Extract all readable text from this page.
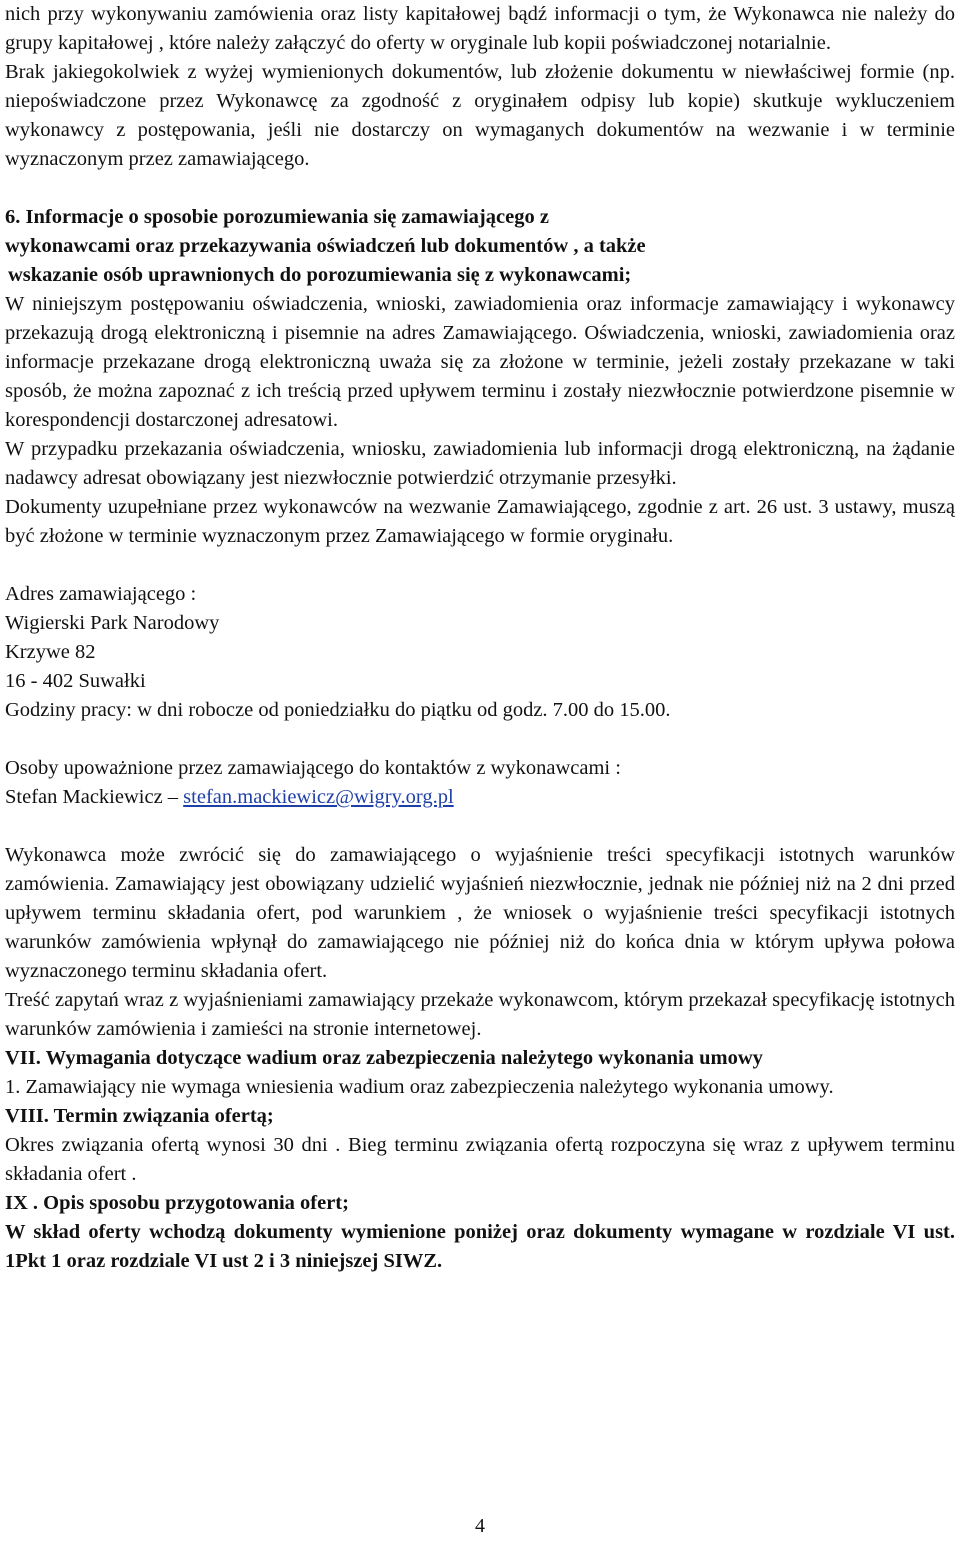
nich przy wykonywaniu zamówienia oraz listy kapitałowej bądź informacji o tym, że Wykonawca nie należy do grupy kapitałowej , które należy załączyć do oferty w oryginale lub kopii poświadczonej notarialnie.

Brak jakiegokolwiek z wyżej wymienionych dokumentów, lub złożenie dokumentu w niewłaściwej formie (np. niepoświadczone przez Wykonawcę za zgodność z oryginałem odpisy lub kopie) skutkuje wykluczeniem wykonawcy z postępowania, jeśli nie dostarczy on wymaganych dokumentów na wezwanie i w terminie wyznaczonym przez zamawiającego.

6. Informacje o sposobie porozumiewania się zamawiającego z

wykonawcami oraz przekazywania oświadczeń lub dokumentów , a także

wskazanie osób uprawnionych do porozumiewania się z wykonawcami;

W niniejszym postępowaniu oświadczenia, wnioski, zawiadomienia oraz informacje zamawiający i wykonawcy przekazują drogą elektroniczną i pisemnie na adres Zamawiającego. Oświadczenia, wnioski, zawiadomienia oraz informacje przekazane drogą elektroniczną uważa się za złożone w terminie, jeżeli zostały przekazane w taki sposób, że można zapoznać z ich treścią przed upływem terminu i zostały niezwłocznie potwierdzone pisemnie w korespondencji dostarczonej adresatowi.

W przypadku przekazania oświadczenia, wniosku, zawiadomienia lub informacji drogą elektroniczną, na żądanie nadawcy adresat obowiązany jest niezwłocznie potwierdzić otrzymanie przesyłki.

Dokumenty uzupełniane przez wykonawców na wezwanie Zamawiającego, zgodnie z art. 26 ust. 3 ustawy, muszą być złożone w terminie wyznaczonym przez Zamawiającego w formie oryginału.

Adres zamawiającego :

Wigierski Park Narodowy

Krzywe 82

16 - 402 Suwałki

Godziny pracy: w dni robocze od poniedziałku do piątku od godz. 7.00 do 15.00.

Osoby upoważnione przez zamawiającego do kontaktów z wykonawcami :

Stefan Mackiewicz – stefan.mackiewicz@wigry.org.pl

Wykonawca może zwrócić się do zamawiającego o wyjaśnienie treści specyfikacji istotnych warunków zamówienia. Zamawiający jest obowiązany udzielić wyjaśnień niezwłocznie, jednak nie później niż na 2 dni przed upływem terminu składania ofert, pod warunkiem , że wniosek o wyjaśnienie treści specyfikacji istotnych warunków zamówienia wpłynął do zamawiającego nie później niż do końca dnia w którym upływa połowa wyznaczonego terminu składania ofert.

Treść zapytań wraz z wyjaśnieniami zamawiający przekaże wykonawcom, którym przekazał specyfikację istotnych warunków zamówienia i zamieści na stronie internetowej.

VII. Wymagania dotyczące wadium oraz zabezpieczenia należytego wykonania umowy

1. Zamawiający nie wymaga wniesienia wadium oraz zabezpieczenia należytego wykonania umowy.

VIII. Termin związania ofertą;

Okres związania ofertą wynosi 30 dni . Bieg terminu związania ofertą rozpoczyna się wraz z upływem terminu składania ofert .

IX . Opis sposobu przygotowania ofert;

W skład oferty wchodzą dokumenty wymienione poniżej oraz dokumenty wymagane w rozdziale VI ust. 1Pkt 1 oraz rozdziale VI ust 2 i 3 niniejszej SIWZ.

4
